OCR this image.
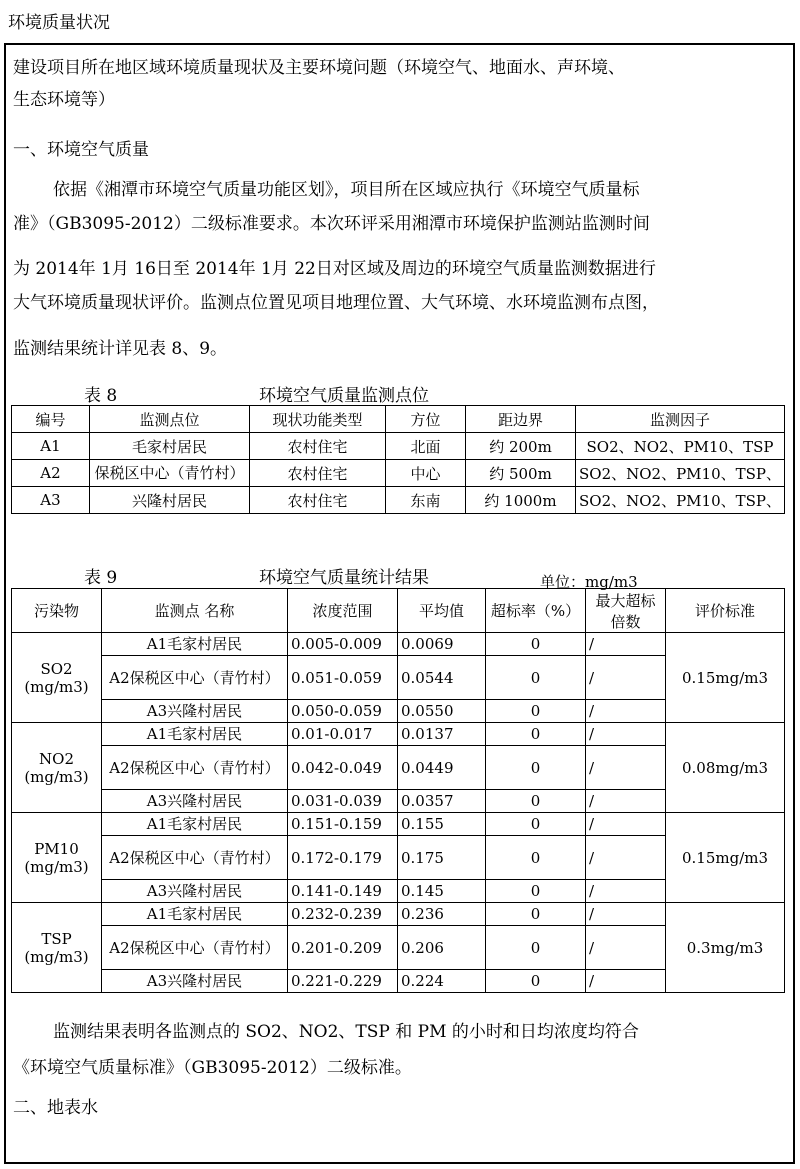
环境质量状况
建设项目所在地区域环境质量现状及主要环境问题（环境空气、地面水、声环境、
生态环境等）
一、环境空气质量
依据《湘潭市环境空气质量功能区划》，项目所在区域应执行《环境空气质量标
准》（GB3095-2012）二级标准要求。本次环评采用湘潭市环境保护监测站监测时间
为 2014年 1月 16日至 2014年 1月 22日对区域及周边的环境空气质量监测数据进行
大气环境质量现状评价。监测点位置见项目地理位置、大气环境、水环境监测布点图，
监测结果统计详见表 8、9。
表 8	环境空气质量监测点位
编号	监测点位	现状功能类型	方位	距边界	监测因子
A1	毛家村居民	农村住宅	北面	约 200m	SO2、NO2、PM10、TSP
A2	保税区中心（青竹村）	农村住宅	中心	约 500m	SO2、NO2、PM10、TSP、
A3	兴隆村居民	农村住宅	东南	约 1000m	SO2、NO2、PM10、TSP、
表 9	环境空气质量统计结果	单位：mg/m3
污染物	监测点 名称	浓度范围	平均值	超标率（%）	最大超标倍数	评价标准

SO2
(mg/m3)	A1毛家村居民	0.005-0.009	0.0069	0	/	0.15mg/m3
	A2保税区中心（青竹村）	0.051-0.059	0.0544	0	/	
	A3兴隆村居民	0.050-0.059	0.0550	0	/	

NO2
(mg/m3)	A1毛家村居民	0.01-0.017	0.0137	0	/	0.08mg/m3
	A2保税区中心（青竹村）	0.042-0.049	0.0449	0	/	
	A3兴隆村居民	0.031-0.039	0.0357	0	/	

PM10
(mg/m3)	A1毛家村居民	0.151-0.159	0.155	0	/	0.15mg/m3
	A2保税区中心（青竹村）	0.172-0.179	0.175	0	/	
	A3兴隆村居民	0.141-0.149	0.145	0	/	

TSP
(mg/m3)	A1毛家村居民	0.232-0.239	0.236	0	/	0.3mg/m3
	A2保税区中心（青竹村）	0.201-0.209	0.206	0	/	
	A3兴隆村居民	0.221-0.229	0.224	0	/	
监测结果表明各监测点的 SO2、NO2、TSP 和 PM 的小时和日均浓度均符合
《环境空气质量标准》（GB3095-2012）二级标准。
二、地表水
